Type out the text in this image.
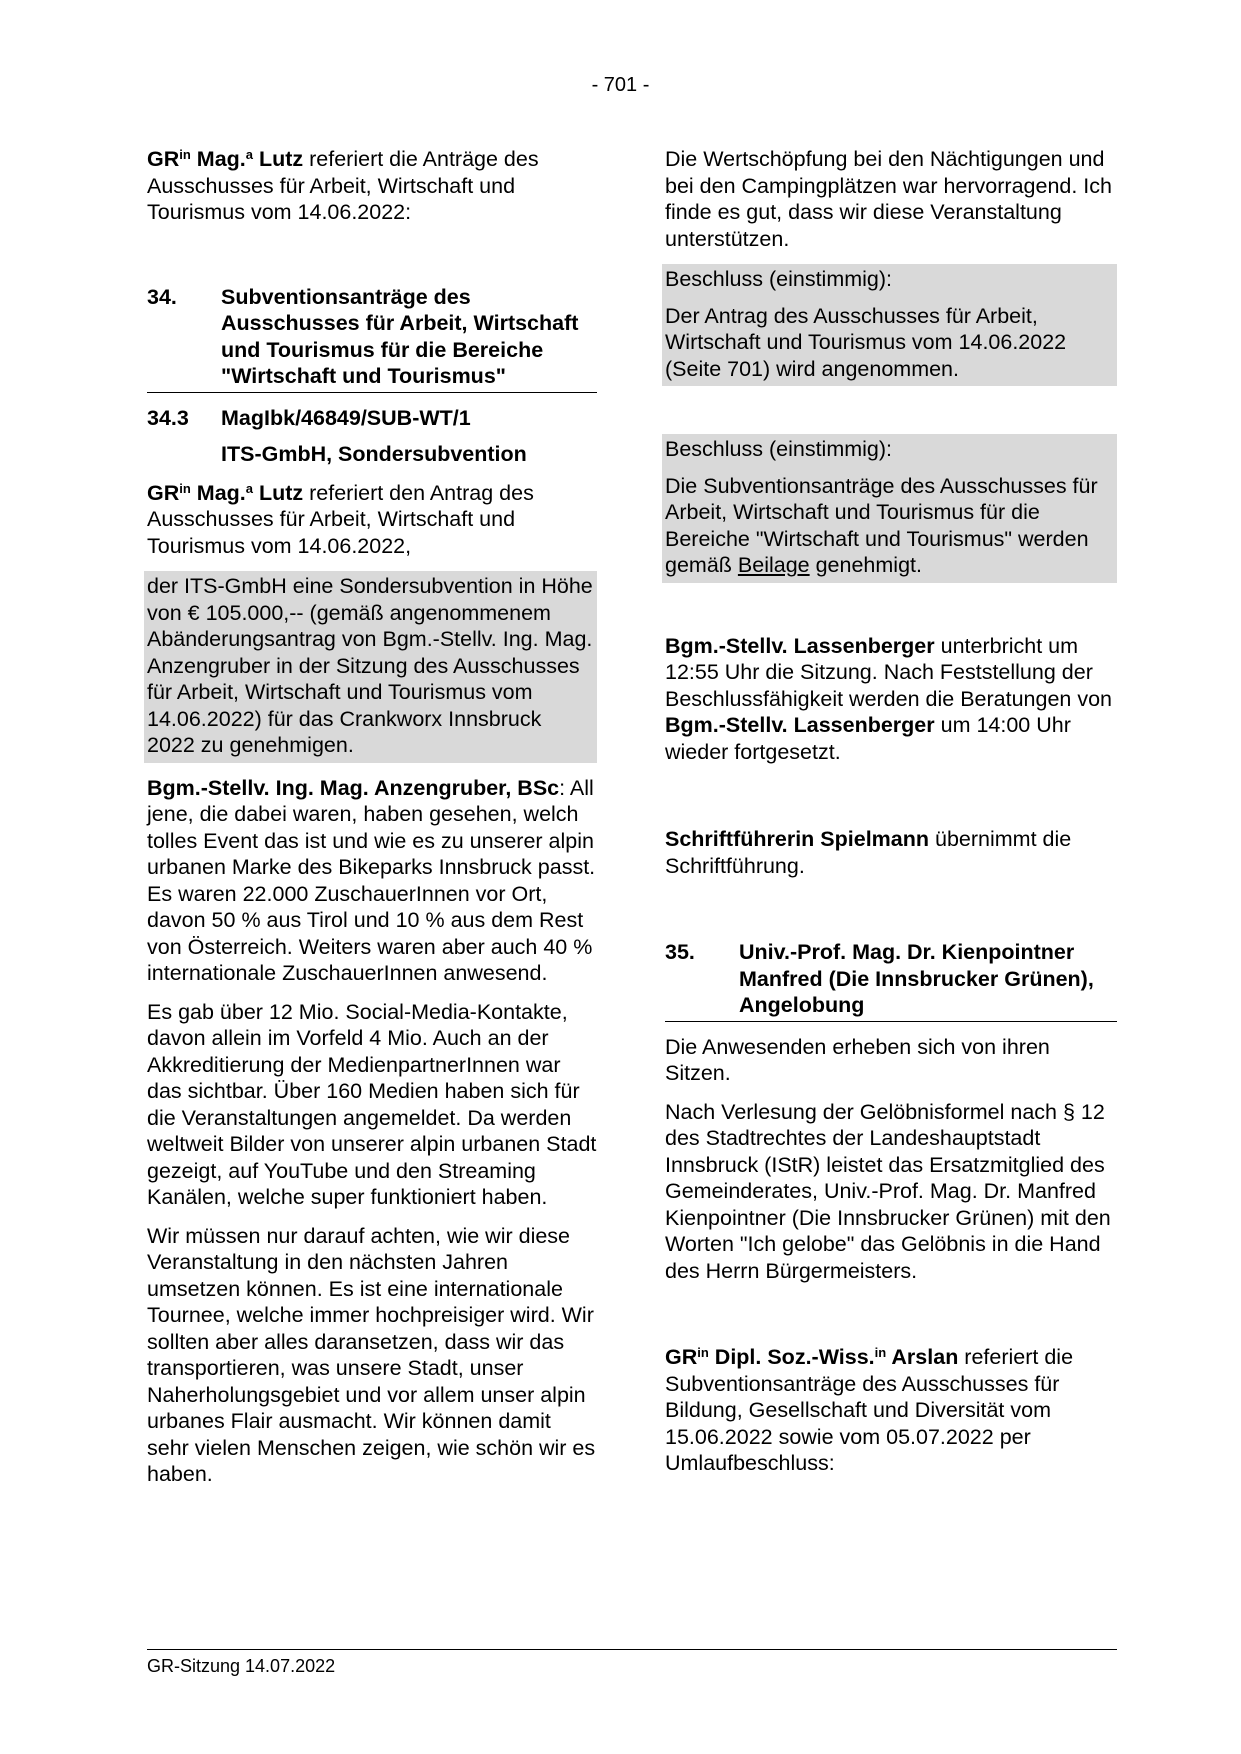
- 701 -

$GR^{in}$ Mag.$^a$ Lutz referiert die Anträge des Ausschusses für Arbeit, Wirtschaft und Tourismus vom 14.06.2022:

34.	Subventionsanträge des Ausschusses für Arbeit, Wirtschaft und Tourismus für die Bereiche "Wirtschaft und Tourismus"
34.3	MagIbk/46849/SUB-WT/1
ITS-GmbH, Sondersubvention

$GR^{in}$ Mag.$^a$ Lutz referiert den Antrag des Ausschusses für Arbeit, Wirtschaft und Tourismus vom 14.06.2022,

der ITS-GmbH eine Sondersubvention in Höhe von € 105.000,-- (gemäß angenommenem Abänderungsantrag von Bgm.-Stellv. Ing. Mag. Anzengruber in der Sitzung des Ausschusses für Arbeit, Wirtschaft und Tourismus vom 14.06.2022) für das Crankworx Innsbruck 2022 zu genehmigen.

Bgm.-Stellv. Ing. Mag. Anzengruber, BSc: All jene, die dabei waren, haben gesehen, welch tolles Event das ist und wie es zu unserer alpin urbanen Marke des Bikeparks Innsbruck passt. Es waren 22.000 ZuschauerInnen vor Ort, davon 50 % aus Tirol und 10 % aus dem Rest von Österreich. Weiters waren aber auch 40 % internationale ZuschauerInnen anwesend.

Es gab über 12 Mio. Social-Media-Kontakte, davon allein im Vorfeld 4 Mio. Auch an der Akkreditierung der MedienpartnerInnen war das sichtbar. Über 160 Medien haben sich für die Veranstaltungen angemeldet. Da werden weltweit Bilder von unserer alpin urbanen Stadt gezeigt, auf YouTube und den Streaming Kanälen, welche super funktioniert haben.

Wir müssen nur darauf achten, wie wir diese Veranstaltung in den nächsten Jahren umsetzen können. Es ist eine internationale Tournee, welche immer hochpreisiger wird. Wir sollten aber alles daransetzen, dass wir das transportieren, was unsere Stadt, unser Naherholungsgebiet und vor allem unser alpin urbanes Flair ausmacht. Wir können damit sehr vielen Menschen zeigen, wie schön wir es haben.

Die Wertschöpfung bei den Nächtigungen und bei den Campingplätzen war hervorragend. Ich finde es gut, dass wir diese Veranstaltung unterstützen.

Beschluss (einstimmig):

Der Antrag des Ausschusses für Arbeit, Wirtschaft und Tourismus vom 14.06.2022 (Seite 701) wird angenommen.

Beschluss (einstimmig):

Die Subventionsanträge des Ausschusses für Arbeit, Wirtschaft und Tourismus für die Bereiche "Wirtschaft und Tourismus" werden gemäß Beilage genehmigt.

Bgm.-Stellv. Lassenberger unterbricht um 12:55 Uhr die Sitzung. Nach Feststellung der Beschlussfähigkeit werden die Beratungen von Bgm.-Stellv. Lassenberger um 14:00 Uhr wieder fortgesetzt.

Schriftführerin Spielmann übernimmt die Schriftführung.

35.	Univ.-Prof. Mag. Dr. Kienpointner Manfred (Die Innsbrucker Grünen), Angelobung

Die Anwesenden erheben sich von ihren Sitzen.

Nach Verlesung der Gelöbnisformel nach § 12 des Stadtrechtes der Landeshauptstadt Innsbruck (IStR) leistet das Ersatzmitglied des Gemeinderates, Univ.-Prof. Mag. Dr. Manfred Kienpointner (Die Innsbrucker Grünen) mit den Worten "Ich gelobe" das Gelöbnis in die Hand des Herrn Bürgermeisters.

$GR^{in}$ Dipl. Soz.-Wiss.$^{in}$ Arslan referiert die Subventionsanträge des Ausschusses für Bildung, Gesellschaft und Diversität vom 15.06.2022 sowie vom 05.07.2022 per Umlaufbeschluss:

GR-Sitzung 14.07.2022
